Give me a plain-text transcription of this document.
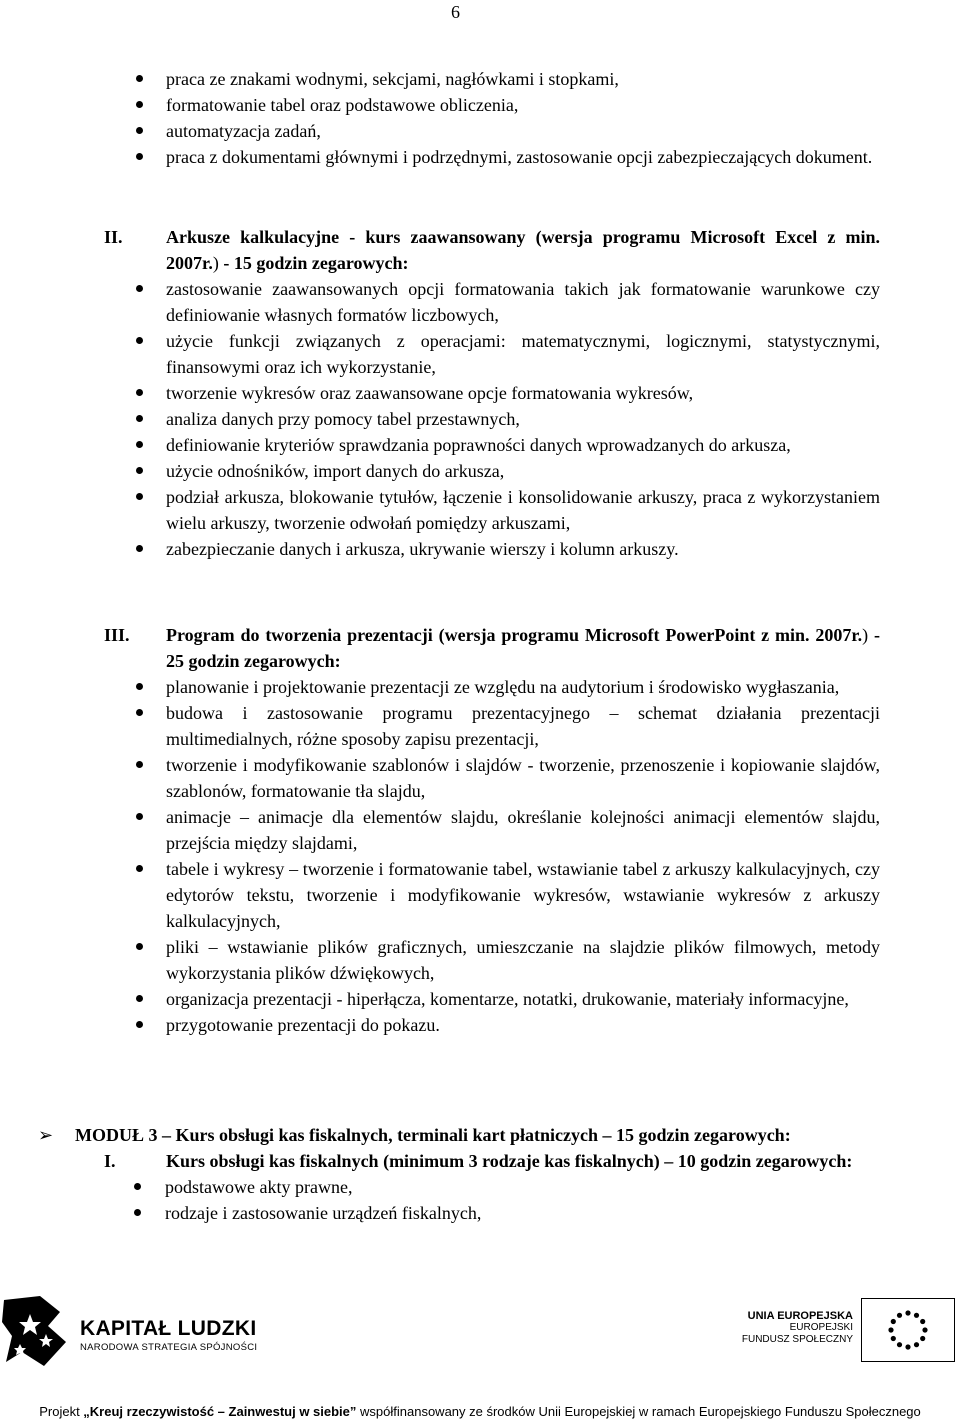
6
praca ze znakami wodnymi, sekcjami, nagłówkami i stopkami,
formatowanie tabel oraz podstawowe obliczenia,
automatyzacja zadań,
praca z dokumentami głównymi i podrzędnymi, zastosowanie opcji zabezpieczających dokument.
II. Arkusze kalkulacyjne - kurs zaawansowany (wersja programu Microsoft Excel z min. 2007r.) - 15 godzin zegarowych:
zastosowanie zaawansowanych opcji formatowania takich jak formatowanie warunkowe czy definiowanie własnych formatów liczbowych,
użycie funkcji związanych z operacjami: matematycznymi, logicznymi, statystycznymi, finansowymi oraz ich wykorzystanie,
tworzenie wykresów oraz zaawansowane opcje formatowania wykresów,
analiza danych przy pomocy tabel przestawnych,
definiowanie kryteriów sprawdzania poprawności danych wprowadzanych do arkusza,
użycie odnośników, import danych do arkusza,
podział arkusza, blokowanie tytułów, łączenie i konsolidowanie arkuszy, praca z wykorzystaniem wielu arkuszy, tworzenie odwołań pomiędzy arkuszami,
zabezpieczanie danych i arkusza, ukrywanie wierszy i kolumn arkuszy.
III. Program do tworzenia prezentacji (wersja programu Microsoft PowerPoint z min. 2007r.) - 25 godzin zegarowych:
planowanie i projektowanie prezentacji ze względu na audytorium i środowisko wygłaszania,
budowa i zastosowanie programu prezentacyjnego – schemat działania prezentacji multimedialnych, różne sposoby zapisu prezentacji,
tworzenie i modyfikowanie szablonów i slajdów - tworzenie, przenoszenie i kopiowanie slajdów, szablonów, formatowanie tła slajdu,
animacje – animacje dla elementów slajdu, określanie kolejności animacji elementów slajdu, przejścia między slajdami,
tabele i wykresy – tworzenie i formatowanie tabel, wstawianie tabel z arkuszy kalkulacyjnych, czy edytorów tekstu, tworzenie i modyfikowanie wykresów, wstawianie wykresów z arkuszy kalkulacyjnych,
pliki – wstawianie plików graficznych, umieszczanie na slajdzie plików filmowych, metody wykorzystania plików dźwiękowych,
organizacja prezentacji - hiperłącza, komentarze, notatki, drukowanie, materiały informacyjne,
przygotowanie prezentacji do pokazu.
➢ MODUŁ 3 – Kurs obsługi kas fiskalnych, terminali kart płatniczych – 15 godzin zegarowych:
I.	Kurs obsługi kas fiskalnych (minimum 3 rodzaje kas fiskalnych) – 10 godzin zegarowych:
podstawowe akty prawne,
rodzaje i zastosowanie urządzeń fiskalnych,
KAPITAŁ LUDZKI
NARODOWA STRATEGIA SPÓJNOŚCI
UNIA EUROPEJSKA
EUROPEJSKI
FUNDUSZ SPOŁECZNY
Projekt „Kreuj rzeczywistość – Zainwestuj w siebie” współfinansowany ze środków Unii Europejskiej w ramach Europejskiego Funduszu Społecznego
